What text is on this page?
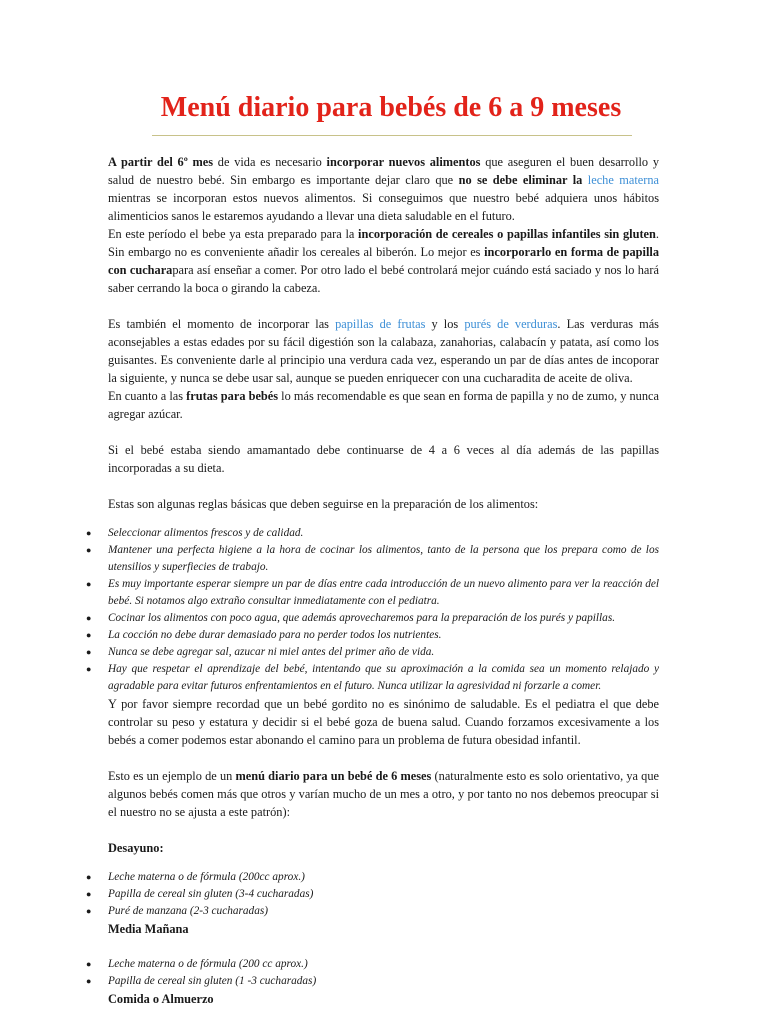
Menú diario para bebés de 6 a 9 meses

A partir del 6º mes de vida es necesario incorporar nuevos alimentos que aseguren el buen desarrollo y salud de nuestro bebé. Sin embargo es importante dejar claro que no se debe eliminar la leche materna mientras se incorporan estos nuevos alimentos. Si conseguimos que nuestro bebé adquiera unos hábitos alimenticios sanos le estaremos ayudando a llevar una dieta saludable en el futuro.

En este período el bebe ya esta preparado para la incorporación de cereales o papillas infantiles sin gluten. Sin embargo no es conveniente añadir los cereales al biberón. Lo mejor es incorporarlo en forma de papilla con cucharapara así enseñar a comer. Por otro lado el bebé controlará mejor cuándo está saciado y nos lo hará saber cerrando la boca o girando la cabeza.

Es también el momento de incorporar las papillas de frutas y los purés de verduras. Las verduras más aconsejables a estas edades por su fácil digestión son la calabaza, zanahorias, calabacín y patata, así como los guisantes. Es conveniente darle al principio una verdura cada vez, esperando un par de días antes de incoporar la siguiente, y nunca se debe usar sal, aunque se pueden enriquecer con una cucharadita de aceite de oliva.

En cuanto a las frutas para bebés lo más recomendable es que sean en forma de papilla y no de zumo, y nunca agregar azúcar.

Si el bebé estaba siendo amamantado debe continuarse de 4 a 6 veces al día además de las papillas incorporadas a su dieta.

Estas son algunas reglas básicas que deben seguirse en la preparación de los alimentos:

● Seleccionar alimentos frescos y de calidad.
● Mantener una perfecta higiene a la hora de cocinar los alimentos, tanto de la persona que los prepara como de los utensilios y superfiecies de trabajo.
● Es muy importante esperar siempre un par de días entre cada introducción de un nuevo alimento para ver la reacción del bebé. Si notamos algo extraño consultar inmediatamente con el pediatra.
● Cocinar los alimentos con poco agua, que además aprovecharemos para la preparación de los purés y papillas.
● La cocción no debe durar demasiado para no perder todos los nutrientes.
● Nunca se debe agregar sal, azucar ni miel antes del primer año de vida.
● Hay que respetar el aprendizaje del bebé, intentando que su aproximación a la comida sea un momento relajado y agradable para evitar futuros enfrentamientos en el futuro. Nunca utilizar la agresividad ni forzarle a comer.

Y por favor siempre recordad que un bebé gordito no es sinónimo de saludable. Es el pediatra el que debe controlar su peso y estatura y decidir si el bebé goza de buena salud. Cuando forzamos excesivamente a los bebés a comer podemos estar abonando el camino para un problema de futura obesidad infantil.

Esto es un ejemplo de un menú diario para un bebé de 6 meses (naturalmente esto es solo orientativo, ya que algunos bebés comen más que otros y varían mucho de un mes a otro, y por tanto no nos debemos preocupar si el nuestro no se ajusta a este patrón):

Desayuno:

● Leche materna o de fórmula (200cc aprox.)
● Papilla de cereal sin gluten (3-4 cucharadas)
● Puré de manzana (2-3 cucharadas)

Media Mañana

● Leche materna o de fórmula (200 cc aprox.)
● Papilla de cereal sin gluten (1 -3 cucharadas)

Comida o Almuerzo
